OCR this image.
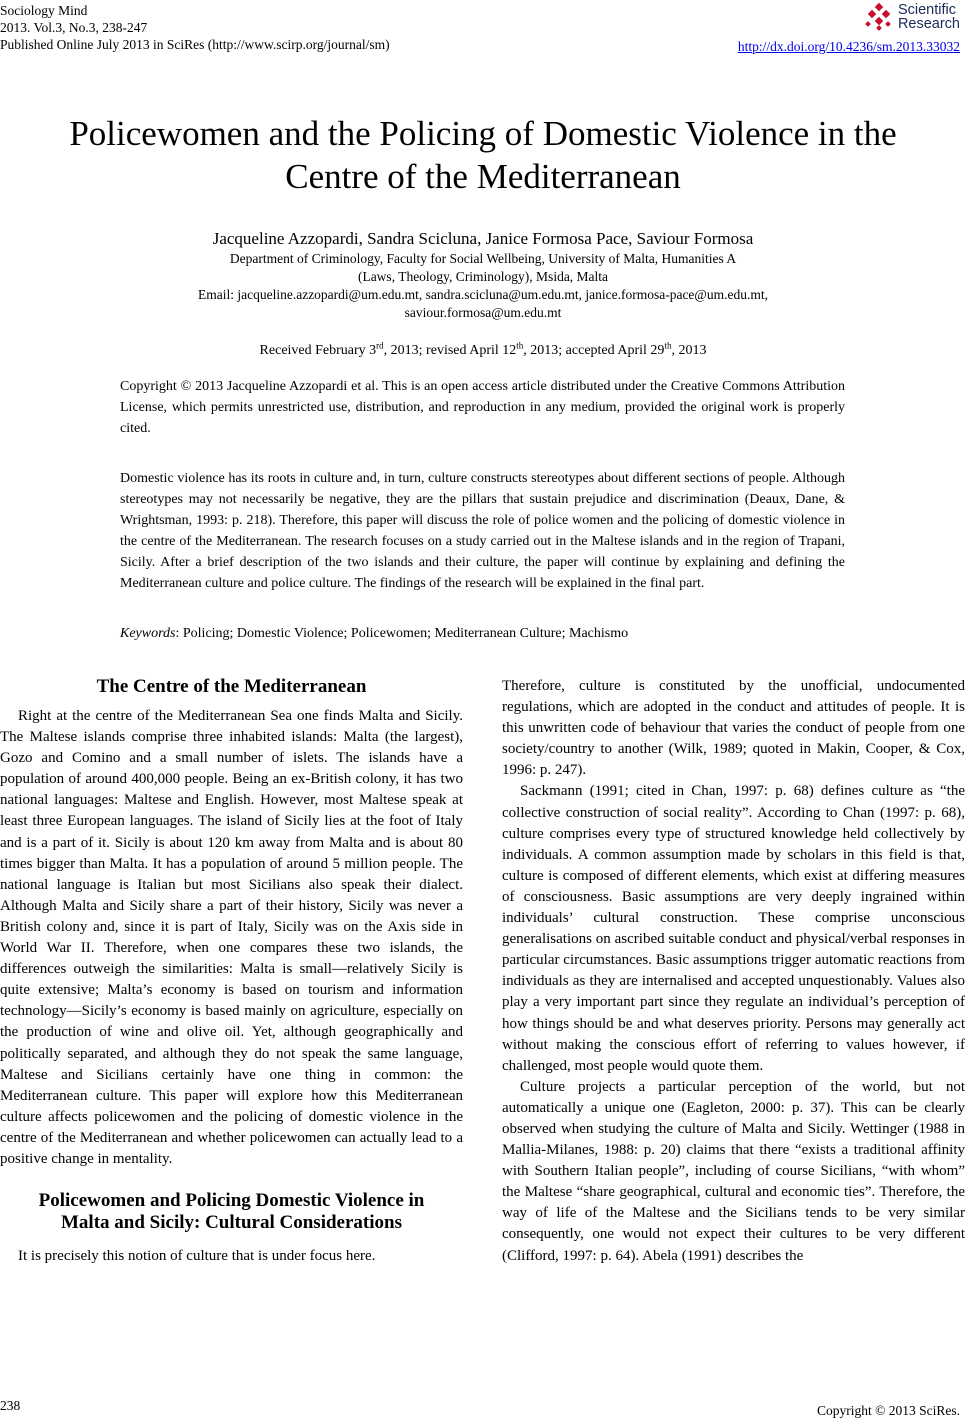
Sociology Mind
2013. Vol.3, No.3, 238-247
Published Online July 2013 in SciRes (http://www.scirp.org/journal/sm)
Scientific
Research
http://dx.doi.org/10.4236/sm.2013.33032
Policewomen and the Policing of Domestic Violence in the
Centre of the Mediterranean
Jacqueline Azzopardi, Sandra Scicluna, Janice Formosa Pace, Saviour Formosa
Department of Criminology, Faculty for Social Wellbeing, University of Malta, Humanities A
(Laws, Theology, Criminology), Msida, Malta
Email: jacqueline.azzopardi@um.edu.mt, sandra.scicluna@um.edu.mt, janice.formosa-pace@um.edu.mt,
saviour.formosa@um.edu.mt
Received February 3rd, 2013; revised April 12th, 2013; accepted April 29th, 2013
Copyright © 2013 Jacqueline Azzopardi et al. This is an open access article distributed under the Creative Commons Attribution License, which permits unrestricted use, distribution, and reproduction in any medium, provided the original work is properly cited.
Domestic violence has its roots in culture and, in turn, culture constructs stereotypes about different sections of people. Although stereotypes may not necessarily be negative, they are the pillars that sustain prejudice and discrimination (Deaux, Dane, & Wrightsman, 1993: p. 218). Therefore, this paper will discuss the role of police women and the policing of domestic violence in the centre of the Mediterranean. The research focuses on a study carried out in the Maltese islands and in the region of Trapani, Sicily. After a brief description of the two islands and their culture, the paper will continue by explaining and defining the Mediterranean culture and police culture. The findings of the research will be explained in the final part.
Keywords: Policing; Domestic Violence; Policewomen; Mediterranean Culture; Machismo
The Centre of the Mediterranean

Right at the centre of the Mediterranean Sea one finds Malta and Sicily. The Maltese islands comprise three inhabited islands: Malta (the largest), Gozo and Comino and a small number of islets. The islands have a population of around 400,000 people. Being an ex-British colony, it has two national languages: Maltese and English. However, most Maltese speak at least three European languages. The island of Sicily lies at the foot of Italy and is a part of it. Sicily is about 120 km away from Malta and is about 80 times bigger than Malta. It has a population of around 5 million people. The national language is Italian but most Sicilians also speak their dialect. Although Malta and Sicily share a part of their history, Sicily was never a British colony and, since it is part of Italy, Sicily was on the Axis side in World War II. Therefore, when one compares these two islands, the differences outweigh the similarities: Malta is small—relatively Sicily is quite extensive; Malta’s economy is based on tourism and information technology—Sicily’s economy is based mainly on agriculture, especially on the production of wine and olive oil. Yet, although geographically and politically separated, and although they do not speak the same language, Maltese and Sicilians certainly have one thing in common: the Mediterranean culture. This paper will explore how this Mediterranean culture affects policewomen and the policing of domestic violence in the centre of the Mediterranean and whether policewomen can actually lead to a positive change in mentality.

Policewomen and Policing Domestic Violence in
Malta and Sicily: Cultural Considerations

It is precisely this notion of culture that is under focus here.

Therefore, culture is constituted by the unofficial, undocumented regulations, which are adopted in the conduct and attitudes of people. It is this unwritten code of behaviour that varies the conduct of people from one society/country to another (Wilk, 1989; quoted in Makin, Cooper, & Cox, 1996: p. 247).

Sackmann (1991; cited in Chan, 1997: p. 68) defines culture as “the collective construction of social reality”. According to Chan (1997: p. 68), culture comprises every type of structured knowledge held collectively by individuals. A common assumption made by scholars in this field is that, culture is composed of different elements, which exist at differing measures of consciousness. Basic assumptions are very deeply ingrained within individuals’ cultural construction. These comprise unconscious generalisations on ascribed suitable conduct and physical/verbal responses in particular circumstances. Basic assumptions trigger automatic reactions from individuals as they are internalised and accepted unquestionably. Values also play a very important part since they regulate an individual’s perception of how things should be and what deserves priority. Persons may generally act without making the conscious effort of referring to values however, if challenged, most people would quote them.

Culture projects a particular perception of the world, but not automatically a unique one (Eagleton, 2000: p. 37). This can be clearly observed when studying the culture of Malta and Sicily. Wettinger (1988 in Mallia-Milanes, 1988: p. 20) claims that there “exists a traditional affinity with Southern Italian people”, including of course Sicilians, “with whom” the Maltese “share geographical, cultural and economic ties”. Therefore, the way of life of the Maltese and the Sicilians tends to be very similar consequently, one would not expect their cultures to be very different (Clifford, 1997: p. 64). Abela (1991) describes the

238	Copyright © 2013 SciRes.
